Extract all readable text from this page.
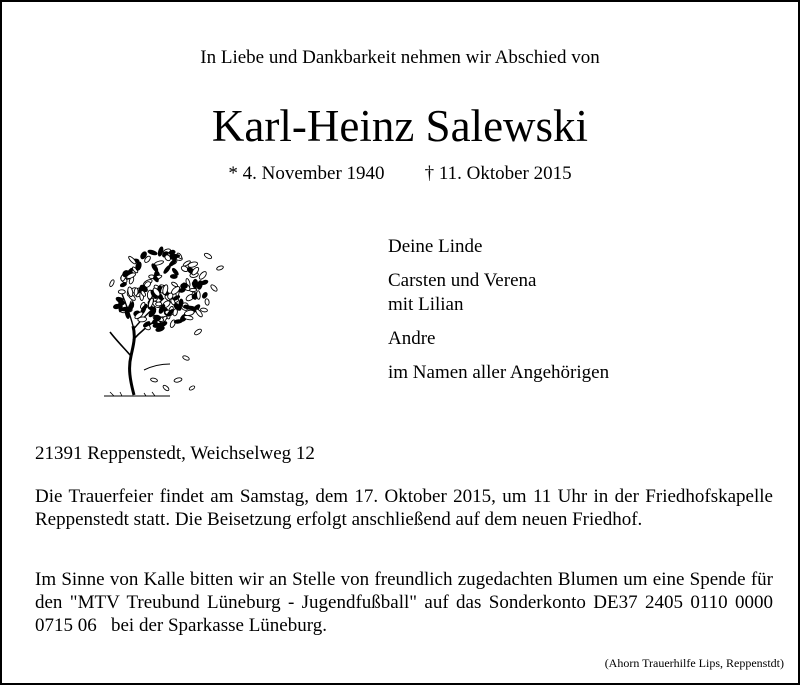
In Liebe und Dankbarkeit nehmen wir Abschied von
Karl-Heinz Salewski
* 4. November 1940 † 11. Oktober 2015
Deine Linde
Carsten und Verena
mit Lilian
Andre
im Namen aller Angehörigen
21391 Reppenstedt, Weichselweg 12
Die Trauerfeier findet am Samstag, dem 17. Oktober 2015, um 11 Uhr in der Friedhofskapelle Reppenstedt statt. Die Beisetzung erfolgt anschließend auf dem neuen Friedhof.
Im Sinne von Kalle bitten wir an Stelle von freundlich zugedachten Blumen um eine Spende für den "MTV Treubund Lüneburg - Jugendfußball" auf das Sonderkonto DE37 2405 0110 0000 0715 06   bei der Sparkasse Lüneburg.
(Ahorn Trauerhilfe Lips, Reppenstdt)
